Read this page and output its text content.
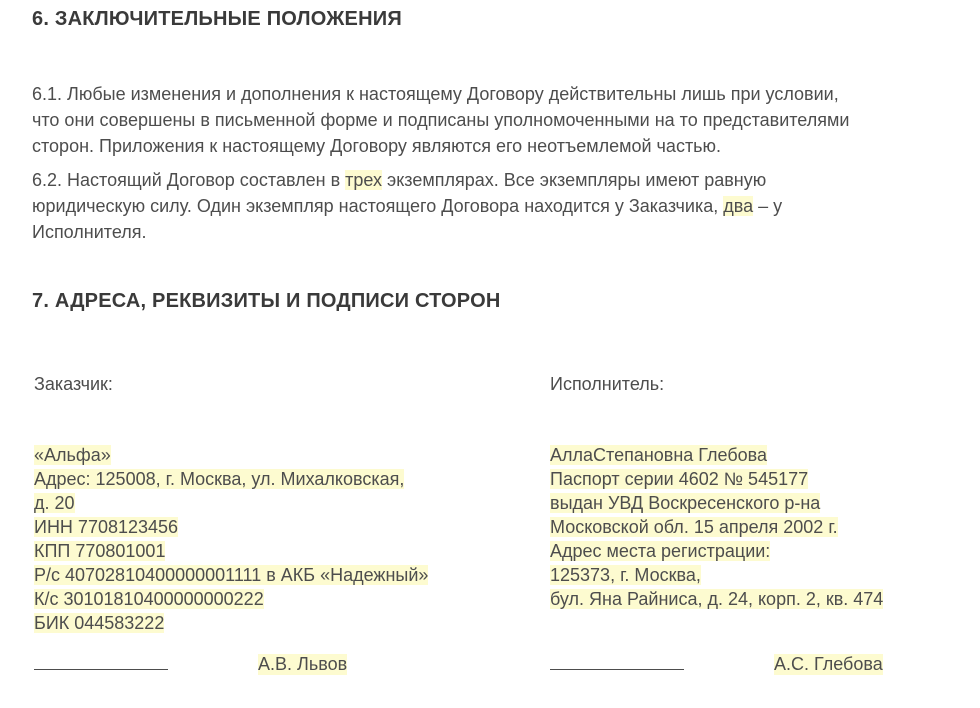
6. ЗАКЛЮЧИТЕЛЬНЫЕ ПОЛОЖЕНИЯ
6.1. Любые изменения и дополнения к настоящему Договору действительны лишь при условии,
что они совершены в письменной форме и подписаны уполномоченными на то представителями
сторон. Приложения к настоящему Договору являются его неотъемлемой частью.
6.2. Настоящий Договор составлен в трех экземплярах. Все экземпляры имеют равную
юридическую силу. Один экземпляр настоящего Договора находится у Заказчика, два – у
Исполнителя.
7. АДРЕСА, РЕКВИЗИТЫ И ПОДПИСИ СТОРОН
Заказчик:
«Альфа»
Адрес: 125008, г. Москва, ул. Михалковская,
д. 20
ИНН 7708123456
КПП 770801001
Р/с 40702810400000001111 в АКБ «Надежный»
К/с 30101810400000000222
БИК 044583222
Исполнитель:
АллаСтепановна Глебова
Паспорт серии 4602 № 545177
выдан УВД Воскресенского р-на
Московской обл. 15 апреля 2002 г.
Адрес места регистрации:
125373, г. Москва,
бул. Яна Райниса, д. 24, корп. 2, кв. 474
А.В. Львов	А.С. Глебова
